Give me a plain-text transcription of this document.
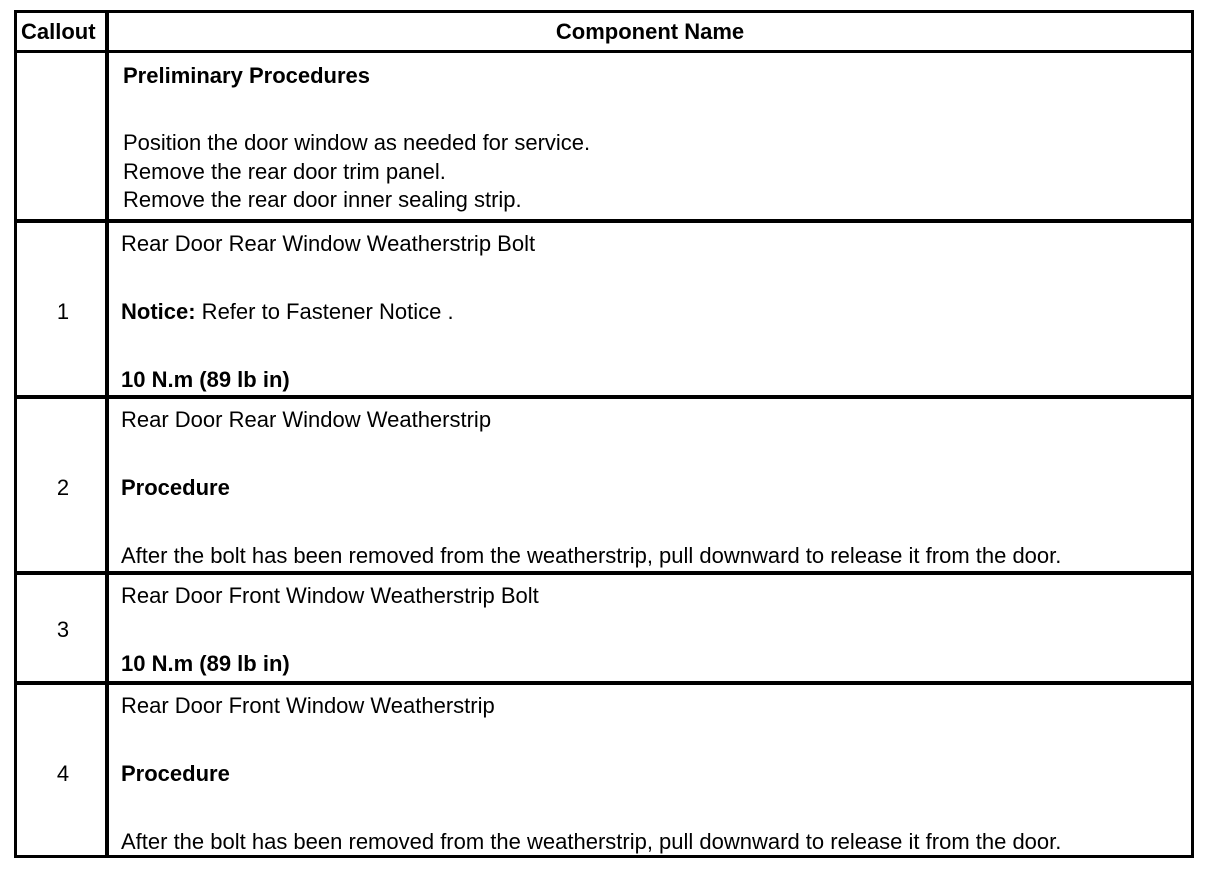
Callout	Component Name
Preliminary Procedures
Position the door window as needed for service.
Remove the rear door trim panel.
Remove the rear door inner sealing strip.
1
Rear Door Rear Window Weatherstrip Bolt
Notice: Refer to Fastener Notice .
10 N.m (89 lb in)
2
Rear Door Rear Window Weatherstrip
Procedure
After the bolt has been removed from the weatherstrip, pull downward to release it from the door.
3
Rear Door Front Window Weatherstrip Bolt
10 N.m (89 lb in)
4
Rear Door Front Window Weatherstrip
Procedure
After the bolt has been removed from the weatherstrip, pull downward to release it from the door.
